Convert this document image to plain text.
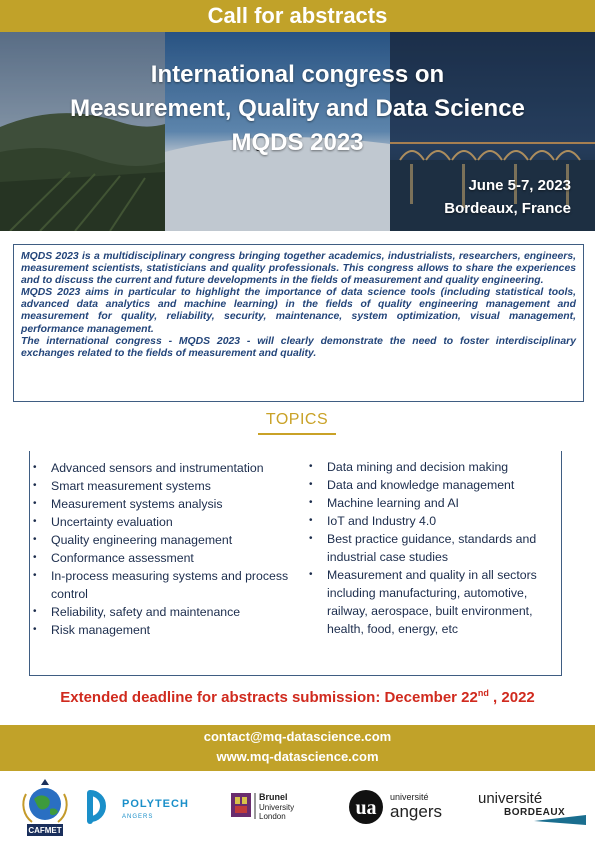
Call for abstracts
International congress on
Measurement, Quality and Data Science
MQDS 2023
June 5-7, 2023
Bordeaux, France

MQDS 2023 is a multidisciplinary congress bringing together academics, industrialists, researchers, engineers, measurement scientists, statisticians and quality professionals. This congress allows to share the experiences and to discuss the current and future developments in the fields of measurement and quality engineering.

MQDS 2023 aims in particular to highlight the importance of data science tools (including statistical tools, advanced data analytics and machine learning) in the fields of quality engineering management and measurement for quality, reliability, security, maintenance, system optimization, visual management, performance management.

The international congress - MQDS 2023 - will clearly demonstrate the need to foster interdisciplinary exchanges related to the fields of measurement and quality.

TOPICS
• Advanced sensors and instrumentation
• Smart measurement systems
• Measurement systems analysis
• Uncertainty evaluation
• Quality engineering management
• Conformance assessment
• In-process measuring systems and process control
• Reliability, safety and maintenance
• Risk management
• Data mining and decision making
• Data and knowledge management
• Machine learning and AI
• IoT and Industry 4.0
• Best practice guidance, standards and industrial case studies
• Measurement and quality in all sectors including manufacturing, automotive, railway, aerospace, built environment, health, food, energy, etc
Extended deadline for abstracts submission: December 22nd , 2022
contact@mq-datascience.com
www.mq-datascience.com
CAFMET
POLYTECH
ANGERS
Brunel
University
London	ua université
angers
université
BORDEAUX
